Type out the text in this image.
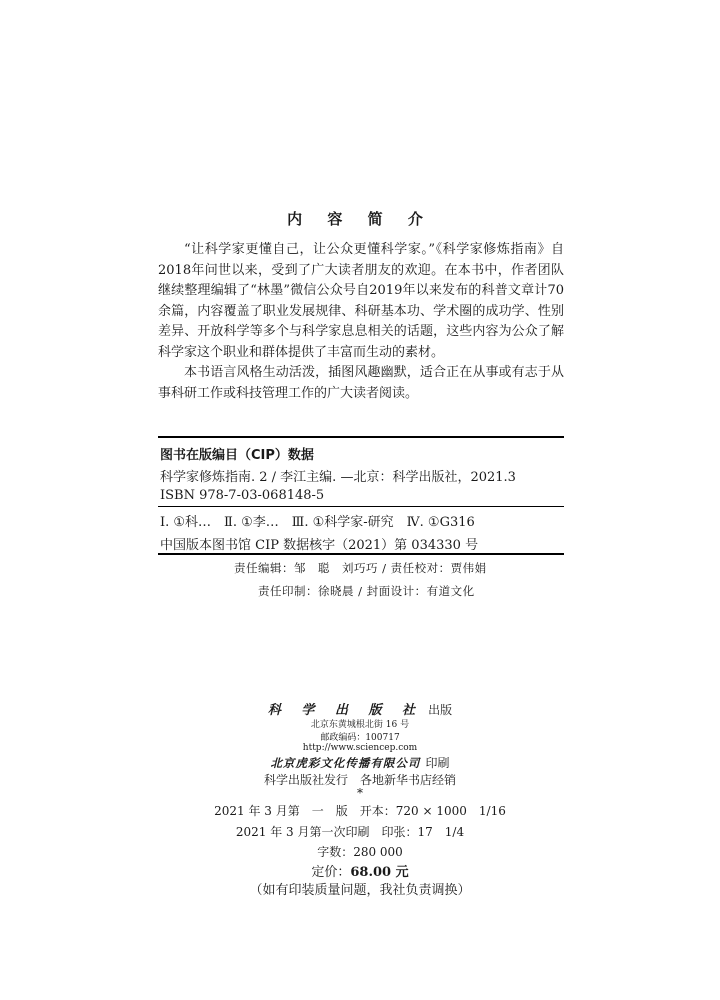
内 容 简 介

“让科学家更懂自己，让公众更懂科学家。”《科学家修炼指南》自2018年问世以来，受到了广大读者朋友的欢迎。在本书中，作者团队继续整理编辑了“林墨”微信公众号自2019年以来发布的科普文章计70余篇，内容覆盖了职业发展规律、科研基本功、学术圈的成功学、性别差异、开放科学等多个与科学家息息相关的话题，这些内容为公众了解科学家这个职业和群体提供了丰富而生动的素材。

本书语言风格生动活泼，插图风趣幽默，适合正在从事或有志于从事科研工作或科技管理工作的广大读者阅读。

图书在版编目（CIP）数据
科学家修炼指南. 2 / 李江主编. —北京：科学出版社，2021.3
ISBN 978-7-03-068148-5
Ⅰ. ①科…　Ⅱ. ①李…　Ⅲ. ①科学家-研究　Ⅳ. ①G316
中国版本图书馆 CIP 数据核字（2021）第 034330 号
责任编辑：邹　聪　刘巧巧 / 责任校对：贾伟娟
责任印制：徐晓晨 / 封面设计：有道文化
科 学 出 版 社 出版
北京东黄城根北街 16 号
邮政编码：100717
http://www.sciencep.com
北京虎彩文化传播有限公司 印刷
科学出版社发行　各地新华书店经销
*
2021 年 3 月第　一　版　开本：720 × 1000　1/16
2021 年 3 月第一次印刷　印张：17　1/4
字数：280 000
定价：68.00 元
（如有印装质量问题，我社负责调换）
